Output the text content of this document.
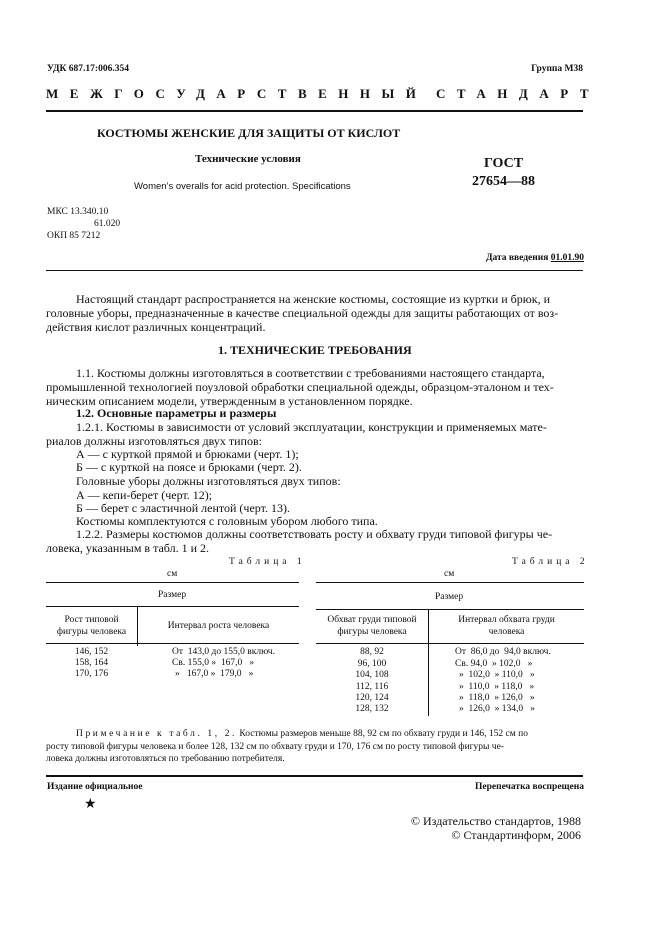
УДК 687.17:006.354	Группа М38
МЕЖГОСУДАРСТВЕННЫЙ СТАНДАРТ
КОСТЮМЫ ЖЕНСКИЕ ДЛЯ ЗАЩИТЫ ОТ КИСЛОТ
Технические условия
Women’s overalls for acid protection. Specifications
ГОСТ
27654—88
МКС 13.340.10
61.020
ОКП 85 7212
Дата введения 01.01.90
Настоящий стандарт распространяется на женские костюмы, состоящие из куртки и брюк, и
головные уборы, предназначенные в качестве специальной одежды для защиты работающих от воз-
действия кислот различных концентраций.
1. ТЕХНИЧЕСКИЕ ТРЕБОВАНИЯ
1.1. Костюмы должны изготовляться в соответствии с требованиями настоящего стандарта,
промышленной технологией поузловой обработки специальной одежды, образцом-эталоном и тех-
ническим описанием модели, утвержденным в установленном порядке.
1.2. Основные параметры и размеры
1.2.1. Костюмы в зависимости от условий эксплуатации, конструкции и применяемых мате-
риалов должны изготовляться двух типов:
А — с курткой прямой и брюками (черт. 1);
Б — с курткой на поясе и брюками (черт. 2).
Головные уборы должны изготовляться двух типов:
А — кепи-берет (черт. 12);
Б — берет с эластичной лентой (черт. 13).
Костюмы комплектуются с головным убором любого типа.
1.2.2. Размеры костюмов должны соответствовать росту и обхвату груди типовой фигуры че-
ловека, указанным в табл. 1 и 2.
Таблица 1
см
Размер
Рост типовой
фигуры человека
Интервал роста человека
146, 152	От  143,0 до 155,0 включ.
158, 164	Св. 155,0 »  167,0   »
170, 176	»   167,0 »  179,0   »
Таблица 2
см
Размер
Обхват груди типовой
фигуры человека
Интервал обхвата груди
человека
88, 92	От  86,0 до  94,0 включ.
96, 100	Св. 94,0  » 102,0   »
104, 108	»  102,0  » 110,0   »
112, 116	»  110,0  » 118,0   »
120, 124	»  118,0  » 126,0   »
128, 132	»  126,0  » 134,0   »
Примечание к табл. 1, 2. Костюмы размеров меньше 88, 92 см по обхвату груди и 146, 152 см по
росту типовой фигуры человека и более 128, 132 см по обхвату груди и 170, 176 см по росту типовой фигуры че-
ловека должны изготовляться по требованию потребителя.
Издание официальное	Перепечатка воспрещена
★
© Издательство стандартов, 1988
© Стандартинформ, 2006
